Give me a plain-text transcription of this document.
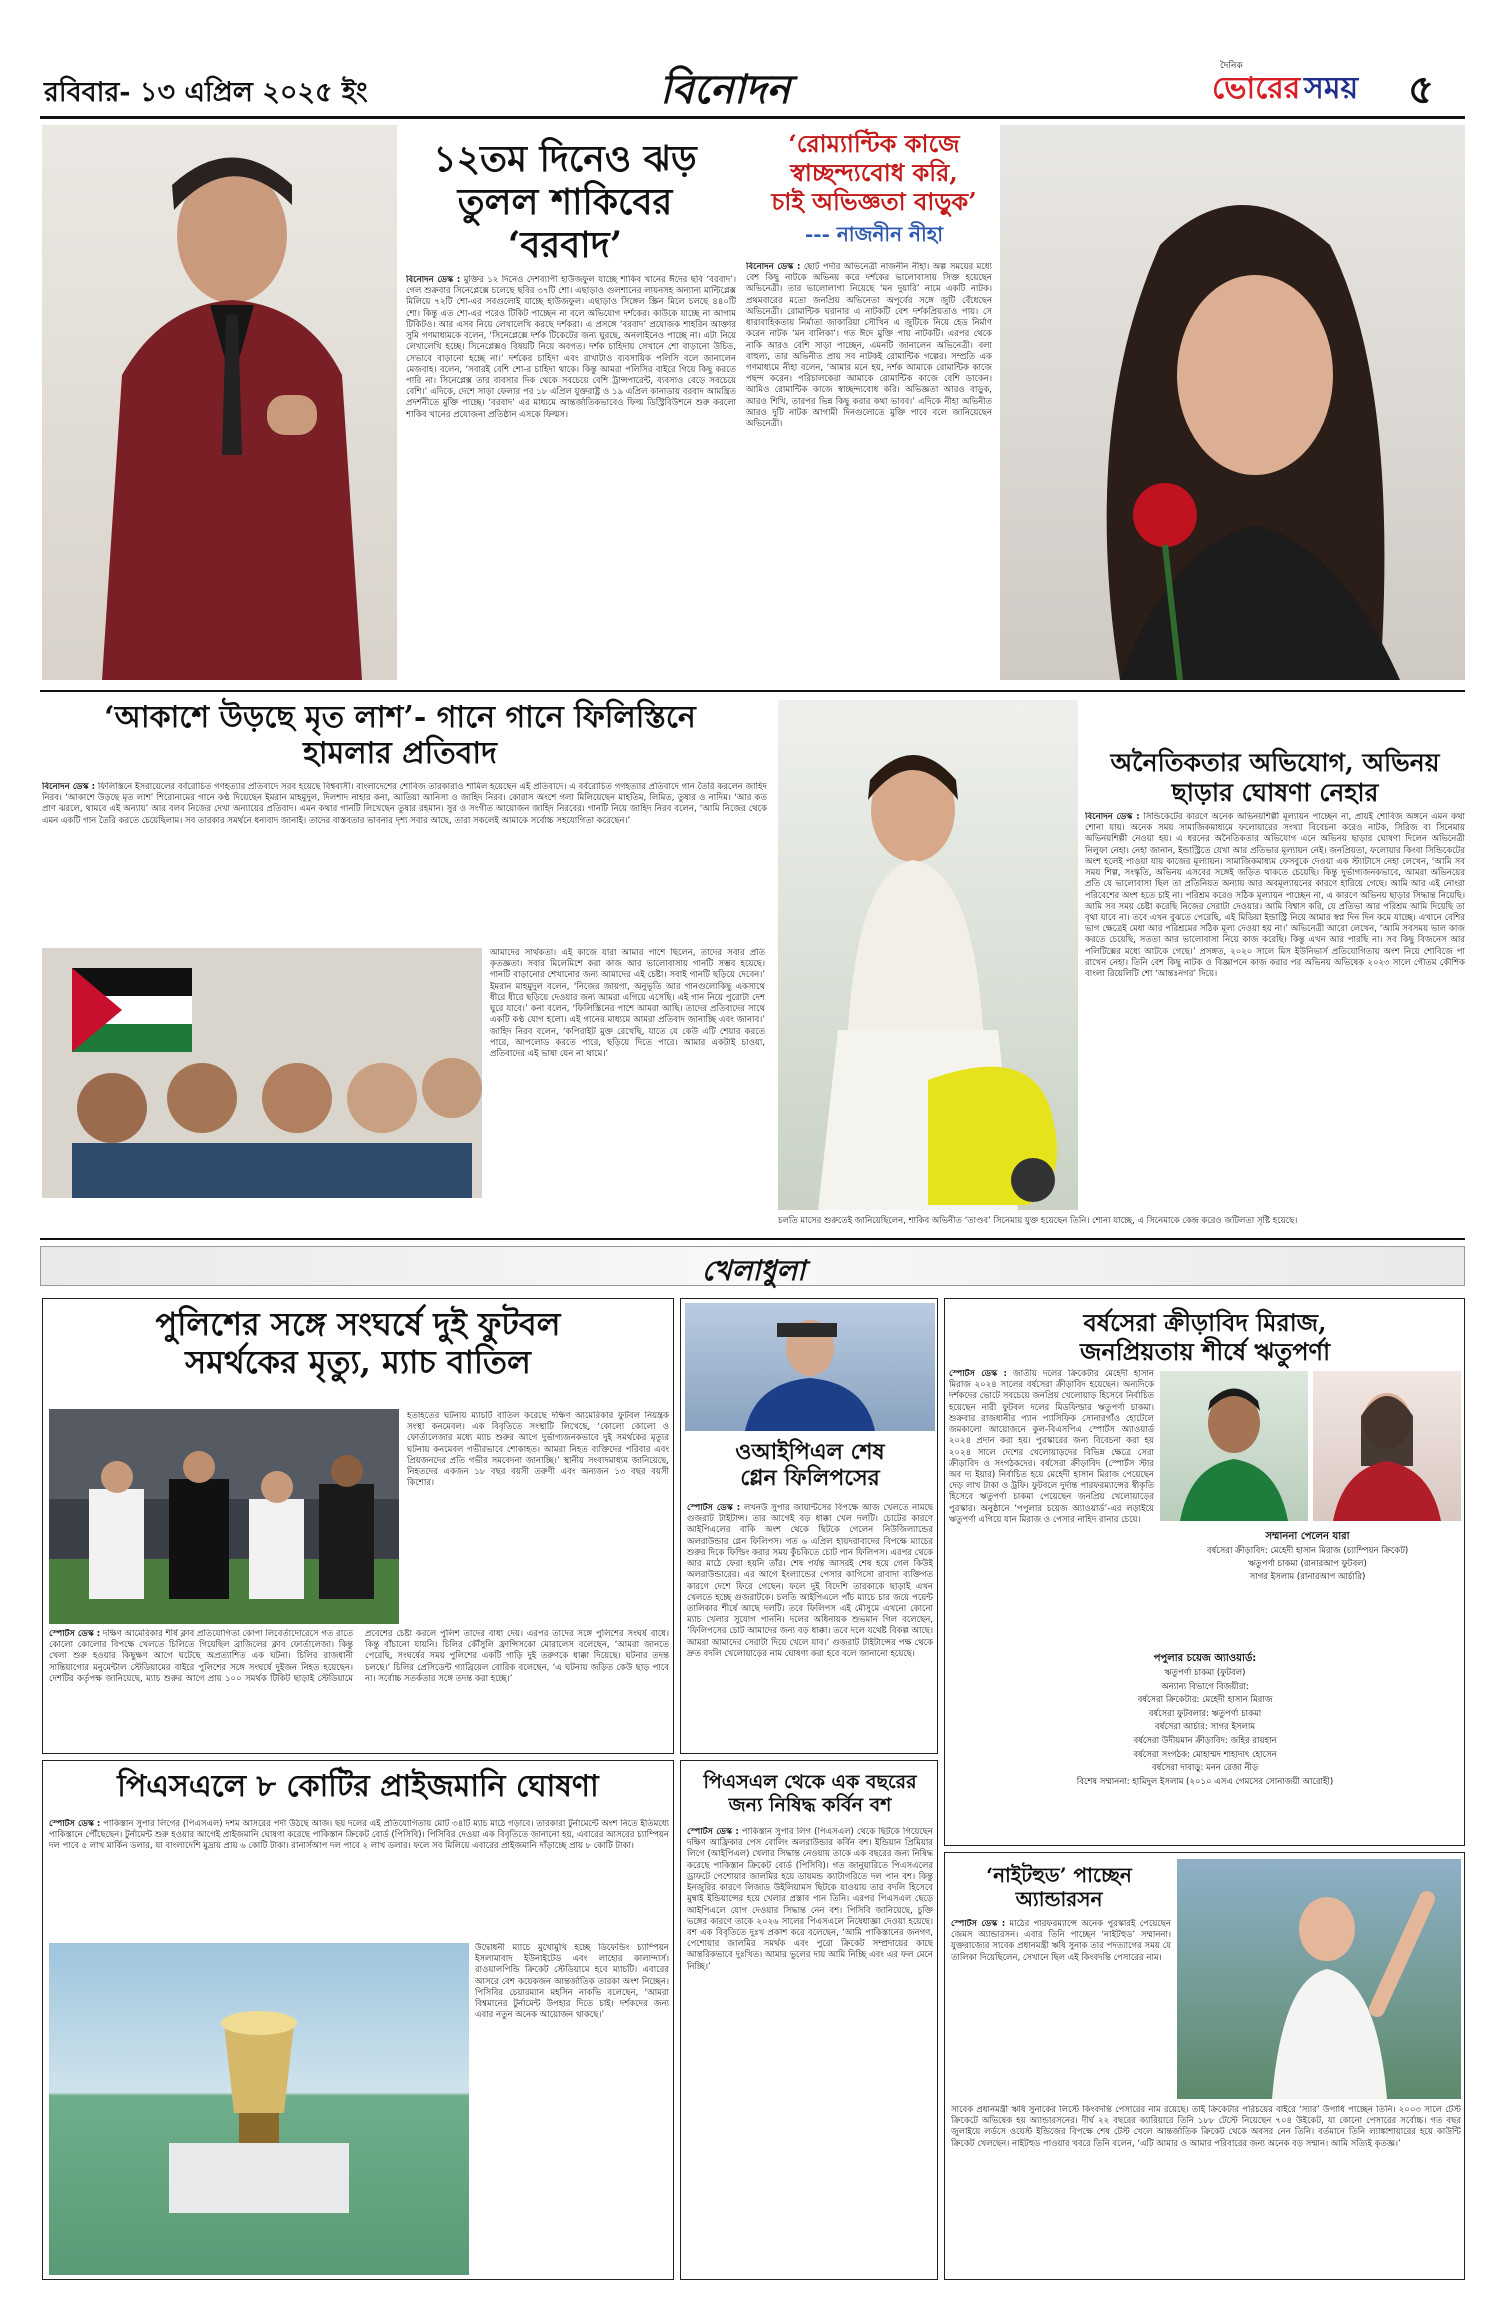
রবিবার- ১৩ এপ্রিল ২০২৫ ইং	বিনোদন	দৈনিক
ভোরের সময় ৫
১২তম দিনেও ঝড়
তুলল শাকিবের
‘বরবাদ’
বিনোদন ডেস্ক : মুক্তির ১২ দিনেও দেশব্যাপী হাউজফুল যাচ্ছে শাকিব খানের ঈদের ছবি ‘বরবাদ’। গেল শুক্রবার সিনেপ্লেক্সে চলেছে ছবির ৩৭টি শো। এছাড়াও গুলশানের লায়নসহ অন্যান্য মাল্টিপ্লেক্স মিলিয়ে ৭২টি শো-এর সবগুলোই যাচ্ছে হাউজফুল। এছাড়াও সিঙ্গেল স্ক্রিন মিলে চলছে ৪৪০টি শো। কিন্তু এত শো-এর পরেও টিকিট পাচ্ছেন না বলে অভিযোগ দর্শকের। কাউকে যাচ্ছে না আগাম টিকিটও। আর এসব নিয়ে লেখালেখি করছে দর্শকরা। এ প্রসঙ্গে ‘বরবাদ’ প্রযোজক শাহরিন আক্তার সুমি গণমাধ্যমকে বলেন, ‘সিনেপ্লেক্সে দর্শক টিকেটের জন্য ঘুরছে, অনলাইনেও পাচ্ছে না। এটা নিয়ে লেখালেখি হচ্ছে। সিনেপ্লেক্সও বিষয়টি নিয়ে অবগত। দর্শক চাহিদায় সেখানে শো বাড়ানো উচিত, সেভাবে বাড়ানো হচ্ছে না।’ দর্শকের চাহিদা এবং রাখাটাও ব্যবসায়িক পলিসি বলে জানালেন মেজবাহ। বলেন, ‘সবারই বেশি শো-র চাহিদা থাকে। কিন্তু আমরা পলিসির বাইরে গিয়ে কিছু করতে পারি না। সিনেপ্লেক্স তার ব্যবসার দিক থেকে সবচেয়ে বেশি ট্রান্সপারেন্ট, ব্যবসাও বেড়ে সবচেয়ে বেশি।’ এদিকে, দেশে সাড়া ফেলার পর ১৮ এপ্রিল যুক্তরাষ্ট্র ও ১৯ এপ্রিল কানাডায় বরবাদ আমন্ত্রিত প্রদর্শনীতে মুক্তি পাচ্ছে। ‘বরবাদ’ এর মাধ্যমে আন্তর্জাতিকভাবেও ফিল্ম ডিস্ট্রিবিউশনে শুরু করলো শাকিব খানের প্রযোজনা প্রতিষ্ঠান এসকে ফিল্মস।
‘রোম্যান্টিক কাজে
স্বাচ্ছন্দ্যবোধ করি,
চাই অভিজ্ঞতা বাড়ুক’
--- নাজনীন নীহা
বিনোদন ডেস্ক : ছোট পর্দার অভিনেত্রী নাজনীন নীহা। অল্প সময়ের মধ্যে বেশ কিছু নাটকে অভিনয় করে দর্শকের ভালোবাসায় সিক্ত হয়েছেন অভিনেত্রী। তার ভালোলাগা নিয়েছে ‘মন দুয়ারি’ নামে একটি নাটক। প্রথমবারের মতো জনপ্রিয় অভিনেতা অপূর্বের সঙ্গে জুটি বেঁধেছেন অভিনেত্রী। রোমান্টিক ঘরানার এ নাটকটি বেশ দর্শকপ্রিয়তাও পায়। সে ধারাবাহিকতায় নির্মাতা জাকারিয়া সৌখিন এ জুটিকে নিয়ে হেড নির্মাণ করেন নাটক ‘মন বালিকা’। গত ঈদে মুক্তি পায় নাটকটি। এরপর থেকে নাকি আরও বেশি সাড়া পাচ্ছেন, এমনটি জানালেন অভিনেত্রী। বলা বাহুল্য, তার অভিনীত প্রায় সব নাটকই রোমান্টিক গল্পের। সম্প্রতি এক গণমাধ্যমে নীহা বলেন, ‘আমার মনে হয়, দর্শক আমাকে রোমান্টিক কাজে পছন্দ করেন। পরিচালকেরা আমাকে রোমান্টিক কাজে বেশি ডাকেন। আমিও রোমান্টিক কাজে স্বাচ্ছন্দ্যবোধ করি। অভিজ্ঞতা আরও বাড়ুক, আরও শিখি, তারপর ভিন্ন কিছু করার কথা ভাবব।’ এদিকে নীহা অভিনীত আরও দুটি নাটক আগামী দিনগুলোতে মুক্তি পাবে বলে জানিয়েছেন অভিনেত্রী।
‘আকাশে উড়ছে মৃত লাশ’- গানে গানে ফিলিস্তিনে
হামলার প্রতিবাদ
বিনোদন ডেস্ক : ফিলিস্তিনে ইসরায়েলের বর্বরোচিত গণহত্যার প্রতিবাদে সরব হয়েছে বিশ্ববাসী। বাংলাদেশের শোবিজ তারকারাও শামিল হয়েছেন এই প্রতিবাদে। এ বর্বরোচিত গণহত্যার প্রতিবাদে গান তৈরি করলেন জাহিদ নিরব। ‘আকাশে উড়ছে মৃত লাশ’ শিরোনামের গানে কণ্ঠ দিয়েছেন ইমরান মাহমুদুল, দিলশাদ নাহার কনা, আতিয়া আনিসা ও জাহিদ নিরব। কোরাস অংশে গলা মিলিয়েছেন মাহতিম, লিমিত, তুষার ও নাদিম। ‘আর কত প্রাণ ঝরলে, থামবে এই অন্যায়’ আর বলব নিজের দেখা অন্যায়ের প্রতিবাদ। এমন কথার গানটি লিখেছেন তুষার রহমান। সুর ও সংগীত আয়োজন জাহিদ নিরবের। গানটি নিয়ে জাহিদ নিরব বলেন, ‘আমি নিজের থেকে এমন একটি গান তৈরি করতে চেয়েছিলাম। সব তারকার সমর্থনে ধন্যবাদ জানাই। তাদের বাস্তবতার ভাবনার দৃশ্য সবার আছে, তারা সকলেই আমাকে সর্বোচ্চ সহযোগিতা করেছেন।’
আমাদের সার্থকতা। এই কাজে যারা আমার পাশে ছিলেন, তাদের সবার প্রতি কৃতজ্ঞতা। সবার মিলেমিশে করা কাজ আর ভালোবাসায় গানটি সম্ভব হয়েছে। গানটি বাড়ানোর শেখানোর জন্য আমাদের এই চেষ্টা। সবাই গানটি ছড়িয়ে দেবেন।’ ইমরান মাহমুদুল বলেন, ‘নিজের জায়গা, অনুভূতি আর গানগুলোকিছু একসাথে ধীরে ধীরে ছড়িয়ে দেওয়ার জন্য আমরা এগিয়ে এসেছি। এই গান নিয়ে পুরোটা দেশ ঘুরে যাবে।’ কনা বলেন, ‘ফিলিস্তিনের পাশে আমরা আছি। তাদের প্রতিবাদের সাথে একটি কণ্ঠ যোগ হলো। এই গানের মাধ্যমে আমরা প্রতিবাদ জানাচ্ছি এবং জানাব।’ জাহিদ নিরব বলেন, ‘কপিরাইট মুক্ত রেখেছি, যাতে যে কেউ এটি শেয়ার করতে পারে, আপলোড করতে পারে, ছড়িয়ে দিতে পারে। আমার একটাই চাওয়া, প্রতিবাদের এই ভাষা যেন না থামে।’
অনৈতিকতার অভিযোগ, অভিনয়
ছাড়ার ঘোষণা নেহার
বিনোদন ডেস্ক : সিন্ডিকেটের কারণে অনেক অভিনয়শিল্পী মূল্যায়ন পাচ্ছেন না, প্রায়ই শোবিজ অঙ্গনে এমন কথা শোনা যায়। অনেক সময় সামাজিকমাধ্যমে ফলোয়ারের সংখ্যা বিবেচনা করেও নাটক, সিরিজ বা সিনেমায় অভিনয়শিল্পী নেওয়া হয়। এ ধরনের অনৈতিকতার অভিযোগ এনে অভিনয় ছাড়ার ঘোষণা দিলেন অভিনেত্রী নিলুফা নেহা। নেহা জানান, ইন্ডাস্ট্রিতে যেখা আর প্রতিভার মূল্যায়ন নেই। জনপ্রিয়তা, ফলোয়ার কিংবা সিন্ডিকেটের অংশ হলেই পাওয়া যায় কাজের মূল্যায়ন। সামাজিকমাধ্যম ফেসবুকে দেওয়া এক স্ট্যাটাসে নেহা লেখেন, ‘আমি সব সময় শিল্প, সংস্কৃতি, অভিনয় এসবের সঙ্গেই জড়িত থাকতে চেয়েছি। কিন্তু দুর্ভাগ্যজনকভাবে, আমরা অভিনয়ের প্রতি যে ভালোবাসা ছিল তা প্রতিনিয়ত অন্যায় আর অবমূল্যায়নের কারণে হারিয়ে গেছে। আমি আর এই নোংরা পরিবেশের অংশ হতে চাই না। পরিশ্রম করেও সঠিক মূল্যায়ন পাচ্ছেন না, এ কারণে অভিনয় ছাড়ার সিদ্ধান্ত নিয়েছি। আমি সব সময় চেষ্টা করেছি নিজের সেরাটা দেওয়ার। আমি বিশ্বাস করি, যে প্রতিভা আর পরিশ্রম আমি দিয়েছি তা বৃথা যাবে না। তবে এখন বুঝতে পেরেছি, এই মিডিয়া ইন্ডাস্ট্রি নিয়ে আমার স্বপ্ন দিন দিন কমে যাচ্ছে। এখানে বেশির ভাগ ক্ষেত্রেই মেধা আর পরিশ্রমের সঠিক মূল্য দেওয়া হয় না।’ অভিনেত্রী আরো লেখেন, ‘আমি সবসময় ভাল কাজ করতে চেয়েছি, সততা আর ভালোবাসা নিয়ে কাজ করেছি। কিন্তু এখন আর পারছি না। সব কিছু বিজনেস আর পলিটিক্সের মধ্যে আটকে গেছে।’ প্রসঙ্গত, ২০২০ সালে মিস ইউনিভার্স প্রতিযোগিতায় অংশ নিয়ে শোবিজে পা রাখেন নেহা। তিনি বেশ কিছু নাটক ও বিজ্ঞাপনে কাজ করার পর অভিনয় অভিষেক ২০২৩ সালে গৌতম কৌশিক বাংলা রিয়েলিটি শো ‘আন্তঃনগর’ দিয়ে।
চলতি মাসের শুরুতেই জানিয়েছিলেন, শাকিব অভিনীত ‘তাণ্ডব’ সিনেমায় যুক্ত হয়েছেন তিনি। শোনা যাচ্ছে, এ সিনেমাকে কেন্দ্র করেও জটিলতা সৃষ্টি হয়েছে।
খেলাধুলা
পুলিশের সঙ্গে সংঘর্ষে দুই ফুটবল
সমর্থকের মৃত্যু, ম্যাচ বাতিল
হতাহতের ঘটনায় ম্যাচটি বাতিল করেছে দক্ষিণ আমেরিকার ফুটবল নিয়ন্ত্রক সংস্থা কনমেবল। এক বিবৃতিতে সংস্থাটি লিখেছে, ‘কোলো কোলো ও ফোর্তালেজার মধ্যে ম্যাচ শুরুর আগে দুর্ভাগ্যজনকভাবে দুই সমর্থকের মৃত্যুর ঘটনায় কনমেবল গভীরভাবে শোকাহত। আমরা নিহত ব্যক্তিদের পরিবার এবং প্রিয়জনদের প্রতি গভীর সমবেদনা জানাচ্ছি।’ স্থানীয় সংবাদমাধ্যম জানিয়েছে, নিহতদের একজন ১৮ বছর বয়সী তরুণী এবং অন্যজন ১৩ বছর বয়সী কিশোর।
স্পোর্টস ডেস্ক : দক্ষিণ আমেরিকার শীর্ষ ক্লাব প্রতিযোগিতা কোপা লিবের্তাদোরেসে গত রাতে কোলো কোলোর বিপক্ষে খেলতে চিলিতে গিয়েছিল ব্রাজিলের ক্লাব ফোর্তালেজা। কিন্তু খেলা শুরু হওয়ার কিছুক্ষণ আগে ঘটেছে অপ্রত্যাশিত এক ঘটনা। চিলির রাজধানী সান্তিয়াগোর মনুমেন্টাল স্টেডিয়ামের বাইরে পুলিশের সঙ্গে সংঘর্ষে দুইজন নিহত হয়েছেন। দেশটির কর্তৃপক্ষ জানিয়েছে, ম্যাচ শুরুর আগে প্রায় ১০০ সমর্থক টিকিট ছাড়াই স্টেডিয়ামে প্রবেশের চেষ্টা করলে পুলিশ তাদের বাধা দেয়। এরপর তাদের সঙ্গে পুলিশের সংঘর্ষ বাধে। কিন্তু বাঁচানো যায়নি। চিলির কৌঁসুলি ফ্রান্সিসকো মোরালেস বলেছেন, ‘আমরা জানতে পেরেছি, সংঘর্ষের সময় পুলিশের একটি গাড়ি দুই তরুণকে ধাক্কা দিয়েছে। ঘটনার তদন্ত চলছে।’ চিলির প্রেসিডেন্ট গ্যাব্রিয়েল বোরিক বলেছেন, ‘এ ঘটনায় জড়িত কেউ ছাড় পাবে না। সর্বোচ্চ সতর্কতার সঙ্গে তদন্ত করা হচ্ছে।’
ওআইপিএল শেষ
গ্লেন ফিলিপসের
স্পোর্টস ডেস্ক : লখনউ সুপার জায়ান্টসের বিপক্ষে আজ খেলতে নামছে গুজরাট টাইটান্স। তার আগেই বড় ধাক্কা খেল দলটি। চোটের কারণে আইপিএলের বাকি অংশ থেকে ছিটকে গেলেন নিউজিল্যান্ডের অলরাউন্ডার গ্লেন ফিলিপস। গত ৬ এপ্রিল হায়দরাবাদের বিপক্ষে ম্যাচের শুরুর দিকে ফিল্ডিং করার সময় কুঁচকিতে চোট পান ফিলিপস। এরপর থেকে আর মাঠে ফেরা হয়নি তাঁর। শেষ পর্যন্ত আসরই শেষ হয়ে গেল কিউই অলরাউন্ডারের। এর আগে ইংল্যান্ডের পেসার কাগিসো রাবাদা ব্যক্তিগত কারণে দেশে ফিরে গেছেন। ফলে দুই বিদেশি তারকাকে ছাড়াই এখন খেলতে হচ্ছে গুজরাটকে। চলতি আইপিএলে পাঁচ ম্যাচে চার জয়ে পয়েন্ট তালিকার শীর্ষে আছে দলটি। তবে ফিলিপস এই মৌসুমে এখনো কোনো ম্যাচ খেলার সুযোগ পাননি। দলের অধিনায়ক শুভমান গিল বলেছেন, ‘ফিলিপসের চোট আমাদের জন্য বড় ধাক্কা। তবে দলে যথেষ্ট বিকল্প আছে। আমরা আমাদের সেরাটা দিয়ে খেলে যাব।’ গুজরাট টাইটান্সের পক্ষ থেকে দ্রুত বদলি খেলোয়াড়ের নাম ঘোষণা করা হবে বলে জানানো হয়েছে।
বর্ষসেরা ক্রীড়াবিদ মিরাজ,
জনপ্রিয়তায় শীর্ষে ঋতুপর্ণা
স্পোর্টস ডেস্ক : জাতীয় দলের ক্রিকেটার মেহেদী হাসান মিরাজ ২০২৪ সালের বর্ষসেরা ক্রীড়াবিদ হয়েছেন। অন্যদিকে দর্শকদের ভোটে সবচেয়ে জনপ্রিয় খেলোয়াড় হিসেবে নির্বাচিত হয়েছেন নারী ফুটবল দলের মিডফিল্ডার ঋতুপর্ণা চাকমা। শুক্রবার রাজধানীর প্যান প্যাসিফিক সোনারগাঁও হোটেলে জমকালো আয়োজনে কুল-বিএসপিএ স্পোর্টস অ্যাওয়ার্ড ২০২৪ প্রদান করা হয়। পুরস্কারের জন্য বিবেচনা করা হয় ২০২৪ সালে দেশের খেলোয়াড়দের বিভিন্ন ক্ষেত্রে সেরা ক্রীড়াবিদ ও সংগঠকদের। বর্ষসেরা ক্রীড়াবিদ (স্পোর্টস স্টার অব দ্য ইয়ার) নির্বাচিত হয়ে মেহেদী হাসান মিরাজ পেয়েছেন দেড় লাখ টাকা ও ট্রফি। ফুটবলে দুর্দান্ত পারফরম্যান্সের স্বীকৃতি হিসেবে ঋতুপর্ণা চাকমা পেয়েছেন জনপ্রিয় খেলোয়াড়ের পুরস্কার। অনুষ্ঠানে ‘পপুলার চয়েজ অ্যাওয়ার্ড’-এর লড়াইয়ে ঋতুপর্ণা এগিয়ে যান মিরাজ ও পেসার নাহিদ রানার চেয়ে।
সম্মাননা পেলেন যারা
বর্ষসেরা ক্রীড়াবিদ: মেহেদী হাসান মিরাজ (চ্যাম্পিয়ন ক্রিকেট)
ঋতুপর্ণা চাকমা (রানারআপ ফুটবল)
সাগর ইসলাম (রানারআপ আর্চারি)
পপুলার চয়েজ অ্যাওয়ার্ড:
ঋতুপর্ণা চাকমা (ফুটবল)
অন্যান্য বিভাগে বিজয়ীরা:
বর্ষসেরা ক্রিকেটার: মেহেদী হাসান মিরাজ
বর্ষসেরা ফুটবলার: ঋতুপর্ণা চাকমা
বর্ষসেরা আর্চার: সাগর ইসলাম
বর্ষসেরা উদীয়মান ক্রীড়াবিদ: জহির রায়হান
বর্ষসেরা সংগঠক: মোহাম্মদ শাহাদাৎ হোসেন
বর্ষসেরা দাবাড়ু: মনন রেজা নীড়
বিশেষ সম্মাননা: হামিদুল ইসলাম (২০১০ এসএ গেমসের সোনাজয়ী আরোহী)
পিএসএলে ৮ কোটির প্রাইজমানি ঘোষণা
স্পোর্টস ডেস্ক : পাকিস্তান সুপার লিগের (পিএসএল) দশম আসরের পর্দা উঠছে আজ। ছয় দলের এই প্রতিযোগিতায় মোট ৩৪টি ম্যাচ মাঠে গড়াবে। তারকারা টুর্নামেন্টে অংশ নিতে ইতিমধ্যে পাকিস্তানে পৌঁছেছেন। টুর্নামেন্ট শুরু হওয়ার আগেই প্রাইজমানি ঘোষণা করেছে পাকিস্তান ক্রিকেট বোর্ড (পিসিবি)। পিসিবির দেওয়া এক বিবৃতিতে জানানো হয়, এবারের আসরের চ্যাম্পিয়ন দল পাবে ৫ লাখ মার্কিন ডলার, যা বাংলাদেশি মুদ্রায় প্রায় ৬ কোটি টাকা। রানার্সআপ দল পাবে ২ লাখ ডলার। ফলে সব মিলিয়ে এবারের প্রাইজমানি দাঁড়াচ্ছে প্রায় ৮ কোটি টাকা।
উদ্বোধনী ম্যাচে মুখোমুখি হচ্ছে ডিফেন্ডিং চ্যাম্পিয়ন ইসলামাবাদ ইউনাইটেড এবং লাহোর কালান্দার্স। রাওয়ালপিন্ডি ক্রিকেট স্টেডিয়ামে হবে ম্যাচটি। এবারের আসরে বেশ কয়েকজন আন্তর্জাতিক তারকা অংশ নিচ্ছেন। পিসিবির চেয়ারম্যান মহসিন নাকভি বলেছেন, ‘আমরা বিশ্বমানের টুর্নামেন্ট উপহার দিতে চাই। দর্শকদের জন্য এবার নতুন অনেক আয়োজন থাকছে।’
পিএসএল থেকে এক বছরের
জন্য নিষিদ্ধ কর্বিন বশ
স্পোর্টস ডেস্ক : পাকিস্তান সুপার লিগ (পিএসএল) থেকে ছিটকে গিয়েছেন দক্ষিণ আফ্রিকার পেস বোলিং অলরাউন্ডার কর্বিন বশ। ইন্ডিয়ান প্রিমিয়ার লিগে (আইপিএল) খেলার সিদ্ধান্ত নেওয়ায় তাকে এক বছরের জন্য নিষিদ্ধ করেছে পাকিস্তান ক্রিকেট বোর্ড (পিসিবি)। গত জানুয়ারিতে পিএসএলের ড্রাফটে পেশোয়ার জালমির হয়ে ডায়মন্ড ক্যাটাগরিতে দল পান বশ। কিন্তু ইনজুরির কারণে লিজাড উইলিয়ামস ছিটকে যাওয়ায় তার বদলি হিসেবে মুম্বাই ইন্ডিয়ান্সের হয়ে খেলার প্রস্তাব পান তিনি। এরপর পিএসএল ছেড়ে আইপিএলে যোগ দেওয়ার সিদ্ধান্ত নেন বশ। পিসিবি জানিয়েছে, চুক্তি ভঙ্গের কারণে তাকে ২০২৬ সালের পিএসএলে নিষেধাজ্ঞা দেওয়া হয়েছে। বশ এক বিবৃতিতে দুঃখ প্রকাশ করে বলেছেন, ‘আমি পাকিস্তানের জনগণ, পেশোয়ার জালমির সমর্থক এবং পুরো ক্রিকেট সম্প্রদায়ের কাছে আন্তরিকভাবে দুঃখিত। আমার ভুলের দায় আমি নিচ্ছি এবং এর ফল মেনে নিচ্ছি।’
‘নাইটহুড’ পাচ্ছেন
অ্যান্ডারসন
স্পোর্টস ডেস্ক : মাঠের পারফরম্যান্সে অনেক পুরস্কারই পেয়েছেন জেমস অ্যান্ডারসন। এবার তিনি পাচ্ছেন ‘নাইটহুড’ সম্মাননা। যুক্তরাজ্যের সাবেক প্রধানমন্ত্রী ঋষি সুনাক তার পদত্যাগের সময় যে তালিকা দিয়েছিলেন, সেখানে ছিল এই কিংবদন্তি পেসারের নাম।
সাবেক প্রধানমন্ত্রী ঋষি সুনাকের লিস্টে কিংবদন্তি পেসারের নাম রয়েছে। তাই ক্রিকেটার পরিচয়ের বাইরে ‘স্যার’ উপাধি পাচ্ছেন তিনি। ২০০৩ সালে টেস্ট ক্রিকেটে অভিষেক হয় অ্যান্ডারসনের। দীর্ঘ ২২ বছরের ক্যারিয়ারে তিনি ১৮৮ টেস্টে নিয়েছেন ৭০৪ উইকেট, যা কোনো পেসারের সর্বোচ্চ। গত বছর জুলাইয়ে লর্ডসে ওয়েস্ট ইন্ডিজের বিপক্ষে শেষ টেস্ট খেলে আন্তর্জাতিক ক্রিকেট থেকে অবসর নেন তিনি। বর্তমানে তিনি ল্যাঙ্কাশায়ারের হয়ে কাউন্টি ক্রিকেট খেলছেন। নাইটহুড পাওয়ার খবরে তিনি বলেন, ‘এটি আমার ও আমার পরিবারের জন্য অনেক বড় সম্মান। আমি সত্যিই কৃতজ্ঞ।’
